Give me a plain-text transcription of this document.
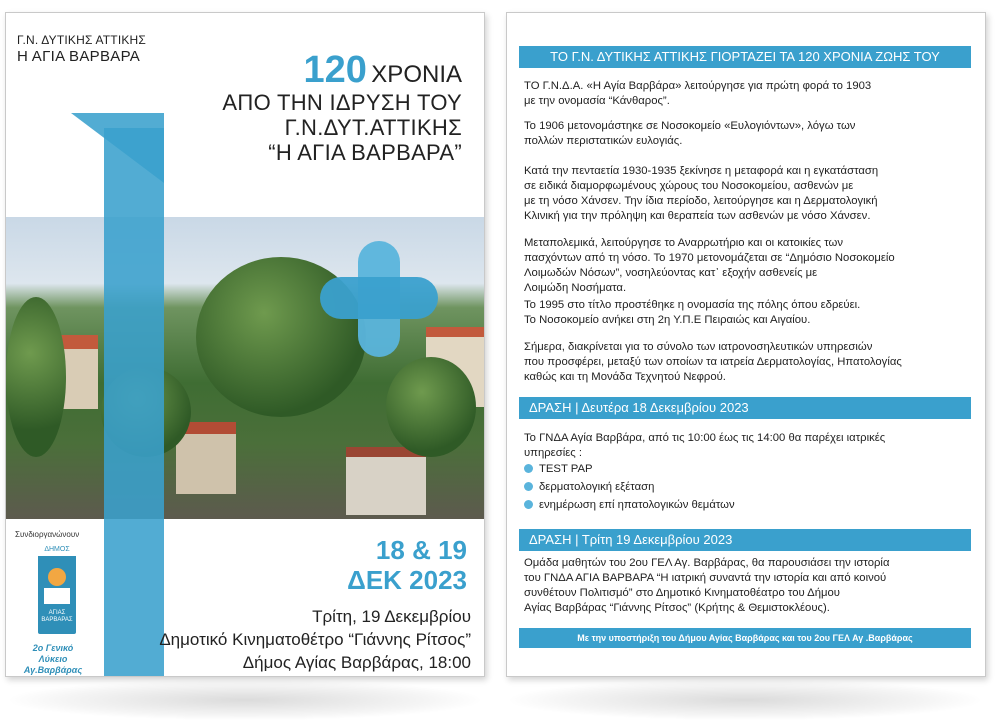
Γ.Ν. ΔΥΤΙΚΗΣ ΑΤΤΙΚΗΣ
Η ΑΓΙΑ ΒΑΡΒΑΡΑ	120 ΧΡΟΝΙΑ
ΑΠΟ ΤΗΝ ΙΔΡΥΣΗ ΤΟΥ
Γ.Ν.ΔΥΤ.ΑΤΤΙΚΗΣ
“Η ΑΓΙΑ ΒΑΡΒΑΡΑ”
Συνδιοργανώνουν
ΔΗΜΟΣ
ΑΓΙΑΣ ΒΑΡΒΑΡΑΣ
2ο Γενικό Λύκειο Αγ.Βαρβάρας
18 & 19
ΔΕΚ 2023
Τρίτη, 19 Δεκεμβρίου
Δημοτικό Κινηματοθέτρο “Γιάννης Ρίτσος”
Δήμος Αγίας Βαρβάρας, 18:00
ΤΟ Γ.Ν. ΔΥΤΙΚΗΣ ΑΤΤΙΚΗΣ ΓΙΟΡΤΑΖΕΙ ΤΑ 120 ΧΡΟΝΙΑ ΖΩΗΣ ΤΟΥ
ΤΟ Γ.Ν.Δ.Α. «Η Αγία Βαρβάρα» λειτούργησε για πρώτη φορά το 1903
με την ονομασία “Κάνθαρος”.
Το 1906 μετονομάστηκε σε Νοσοκομείο «Ευλογιόντων», λόγω των
πολλών περιστατικών ευλογιάς.
Κατά την πενταετία 1930-1935 ξεκίνησε η μεταφορά και η εγκατάσταση
σε ειδικά διαμορφωμένους χώρους του Νοσοκομείου, ασθενών με
με τη νόσο Χάνσεν. Την ίδια περίοδο, λειτούργησε και η Δερματολογική
Κλινική για την πρόληψη και θεραπεία των ασθενών με νόσο Χάνσεν.
Μεταπολεμικά, λειτούργησε το Αναρρωτήριο και οι κατοικίες των
πασχόντων από τη νόσο. Το 1970 μετονομάζεται σε “Δημόσιο Νοσοκομείο
Λοιμωδών Νόσων”, νοσηλεύοντας κατ᾽ εξοχήν ασθενείς με
Λοιμώδη Νοσήματα.
Το 1995 στο τίτλο προστέθηκε η ονομασία της πόλης όπου εδρεύει.
Το Νοσοκομείο ανήκει στη 2η Υ.Π.Ε Πειραιώς και Αιγαίου.
Σήμερα, διακρίνεται για το σύνολο των ιατρονοσηλευτικών υπηρεσιών
που προσφέρει, μεταξύ των οποίων τα ιατρεία Δερματολογίας, Ηπατολογίας
καθώς και τη Μονάδα Τεχνητού Νεφρού.
ΔΡΑΣΗ | Δευτέρα 18 Δεκεμβρίου 2023
Το ΓΝΔΑ Αγία Βαρβάρα, από τις 10:00 έως τις 14:00 θα παρέχει ιατρικές
υπηρεσίες :
TEST PAP
δερματολογική εξέταση
ενημέρωση επί ηπατολογικών θεμάτων
ΔΡΑΣΗ | Τρίτη 19 Δεκεμβρίου 2023
Ομάδα μαθητών του 2ου ΓΕΛ Αγ. Βαρβάρας, θα παρουσιάσει την ιστορία
του ΓΝΔΑ ΑΓΙΑ ΒΑΡΒΑΡΑ “Η ιατρική συναντά την ιστορία και από κοινού
συνθέτουν Πολιτισμό” στο Δημοτικό Κινηματοθέατρο του Δήμου
Αγίας Βαρβάρας “Γιάννης Ρίτσος” (Κρήτης & Θεμιστοκλέους).
Με την υποστήριξη του Δήμου Αγίας Βαρβάρας και του 2ου ΓΕΛ Αγ .Βαρβάρας
